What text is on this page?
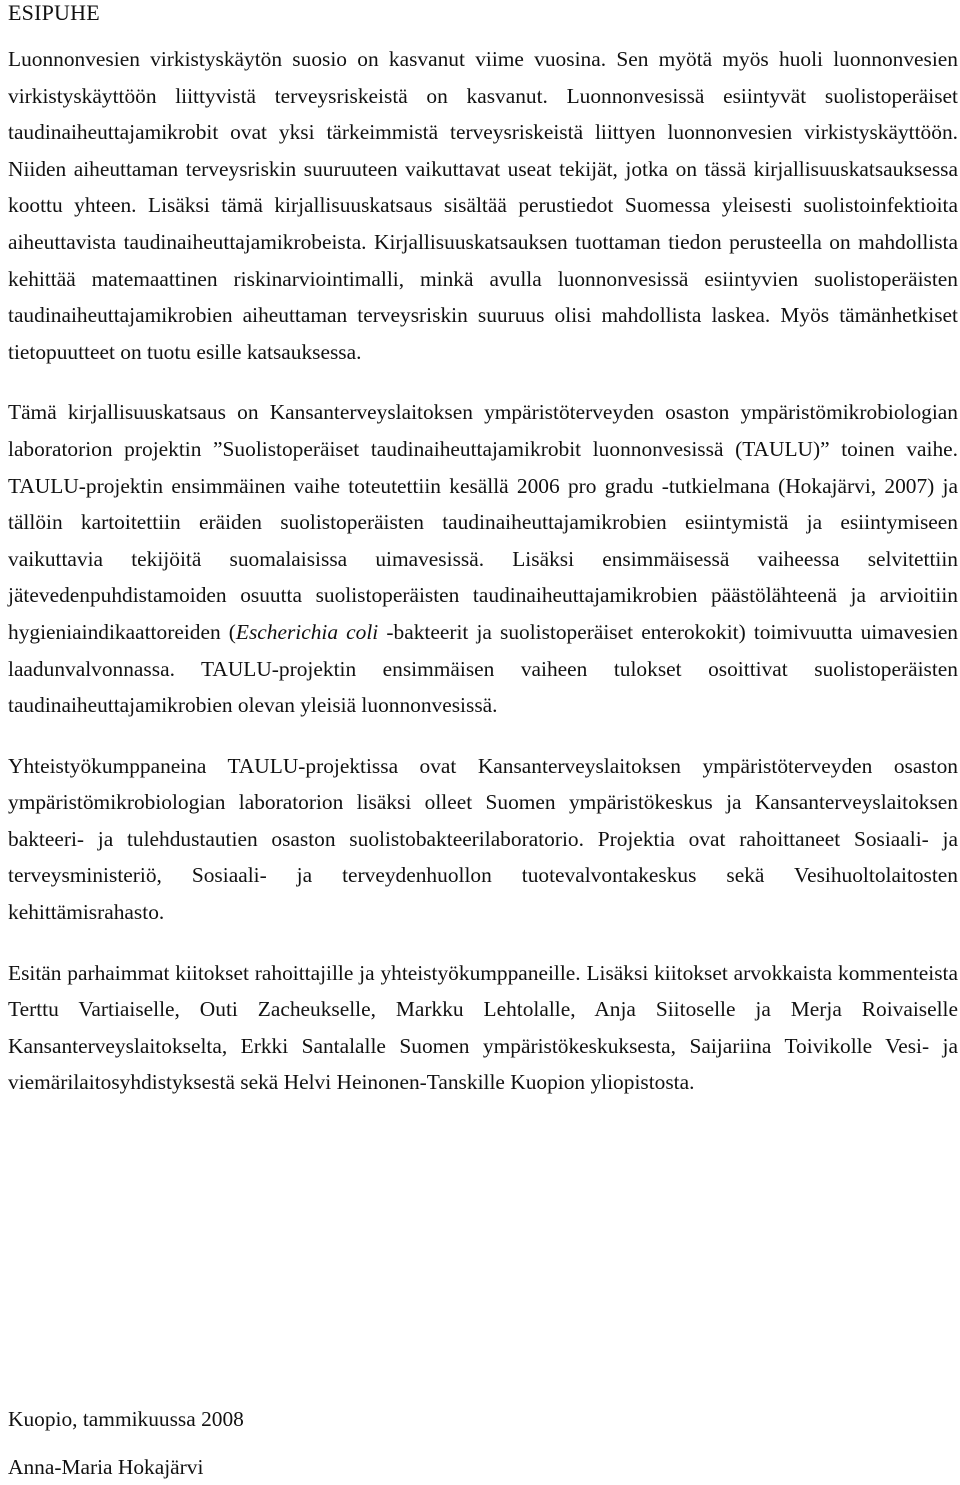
ESIPUHE

Luonnonvesien virkistyskäytön suosio on kasvanut viime vuosina. Sen myötä myös huoli luonnonvesien virkistyskäyttöön liittyvistä terveysriskeistä on kasvanut. Luonnonvesissä esiintyvät suolistoperäiset taudinaiheuttajamikrobit ovat yksi tärkeimmistä terveysriskeistä liittyen luonnonvesien virkistyskäyttöön. Niiden aiheuttaman terveysriskin suuruuteen vaikuttavat useat tekijät, jotka on tässä kirjallisuuskatsauksessa koottu yhteen. Lisäksi tämä kirjallisuuskatsaus sisältää perustiedot Suomessa yleisesti suolistoinfektioita aiheuttavista taudinaiheuttajamikrobeista. Kirjallisuuskatsauksen tuottaman tiedon perusteella on mahdollista kehittää matemaattinen riskinarviointimalli, minkä avulla luonnonvesissä esiintyvien suolistoperäisten taudinaiheuttajamikrobien aiheuttaman terveysriskin suuruus olisi mahdollista laskea. Myös tämänhetkiset tietopuutteet on tuotu esille katsauksessa.

Tämä kirjallisuuskatsaus on Kansanterveyslaitoksen ympäristöterveyden osaston ympäristömikrobiologian laboratorion projektin ”Suolistoperäiset taudinaiheuttajamikrobit luonnonvesissä (TAULU)” toinen vaihe. TAULU-projektin ensimmäinen vaihe toteutettiin kesällä 2006 pro gradu -tutkielmana (Hokajärvi, 2007) ja tällöin kartoitettiin eräiden suolistoperäisten taudinaiheuttajamikrobien esiintymistä ja esiintymiseen vaikuttavia tekijöitä suomalaisissa uimavesissä. Lisäksi ensimmäisessä vaiheessa selvitettiin jätevedenpuhdistamoiden osuutta suolistoperäisten taudinaiheuttajamikrobien päästölähteenä ja arvioitiin hygieniaindikaattoreiden (Escherichia coli -bakteerit ja suolistoperäiset enterokokit) toimivuutta uimavesien laadunvalvonnassa. TAULU-projektin ensimmäisen vaiheen tulokset osoittivat suolistoperäisten taudinaiheuttajamikrobien olevan yleisiä luonnonvesissä.

Yhteistyökumppaneina TAULU-projektissa ovat Kansanterveyslaitoksen ympäristöterveyden osaston ympäristömikrobiologian laboratorion lisäksi olleet Suomen ympäristökeskus ja Kansanterveyslaitoksen bakteeri- ja tulehdustautien osaston suolistobakteerilaboratorio. Projektia ovat rahoittaneet Sosiaali- ja terveysministeriö, Sosiaali- ja terveydenhuollon tuotevalvontakeskus sekä Vesihuoltolaitosten kehittämisrahasto.

Esitän parhaimmat kiitokset rahoittajille ja yhteistyökumppaneille. Lisäksi kiitokset arvokkaista kommenteista Terttu Vartiaiselle, Outi Zacheukselle, Markku Lehtolalle, Anja Siitoselle ja Merja Roivaiselle Kansanterveyslaitokselta, Erkki Santalalle Suomen ympäristökeskuksesta, Saijariina Toivikolle Vesi- ja viemärilaitosyhdistyksestä sekä Helvi Heinonen-Tanskille Kuopion yliopistosta.

Kuopio, tammikuussa 2008
Anna-Maria Hokajärvi
